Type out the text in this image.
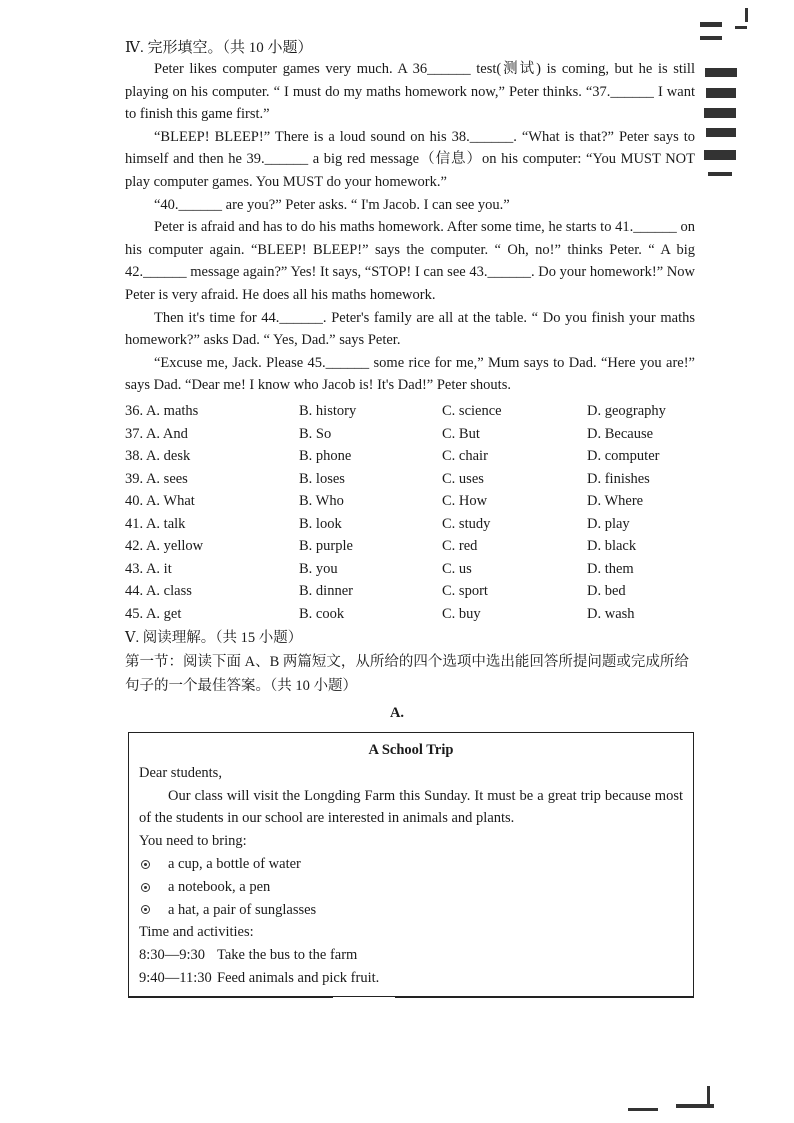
Ⅳ. 完形填空。（共 10 小题）

Peter likes computer games very much. A 36______ test(测试) is coming, but he is still playing on his computer. “ I must do my maths homework now,” Peter thinks. “37.______ I want to finish this game first.”

“BLEEP! BLEEP!” There is a loud sound on his 38.______. “What is that?” Peter says to himself and then he 39.______ a big red message（信息）on his computer: “You MUST NOT play computer games. You MUST do your homework.”

“40.______ are you?” Peter asks. “ I'm Jacob. I can see you.”

Peter is afraid and has to do his maths homework. After some time, he starts to 41.______ on his computer again. “BLEEP! BLEEP!” says the computer. “ Oh, no!” thinks Peter. “ A big 42.______ message again?” Yes! It says, “STOP! I can see 43.______. Do your homework!” Now Peter is very afraid. He does all his maths homework.

Then it's time for 44.______. Peter's family are all at the table. “ Do you finish your maths homework?” asks Dad. “ Yes, Dad.” says Peter.

“Excuse me, Jack. Please 45.______ some rice for me,” Mum says to Dad. “Here you are!” says Dad. “Dear me! I know who Jacob is! It's Dad!” Peter shouts.

36. A. maths	B. history	C. science	D. geography
37. A. And	B. So	C. But	D. Because
38. A. desk	B. phone	C. chair	D. computer
39. A. sees	B. loses	C. uses	D. finishes
40. A. What	B. Who	C. How	D. Where
41. A. talk	B. look	C. study	D. play
42. A. yellow	B. purple	C. red	D. black
43. A. it	B. you	C. us	D. them
44. A. class	B. dinner	C. sport	D. bed
45. A. get	B. cook	C. buy	D. wash
Ⅴ. 阅读理解。（共 15 小题）
第一节：阅读下面 A、B 两篇短文，从所给的四个选项中选出能回答所提问题或完成所给句子的一个最佳答案。（共 10 小题）
A.
A School Trip
Dear students,
Our class will visit the Longding Farm this Sunday. It must be a great trip because most of the students in our school are interested in animals and plants.
You need to bring:
a cup, a bottle of water
a notebook, a pen
a hat, a pair of sunglasses
Time and activities:
8:30—9:30 Take the bus to the farm
9:40—11:30 Feed animals and pick fruit.
